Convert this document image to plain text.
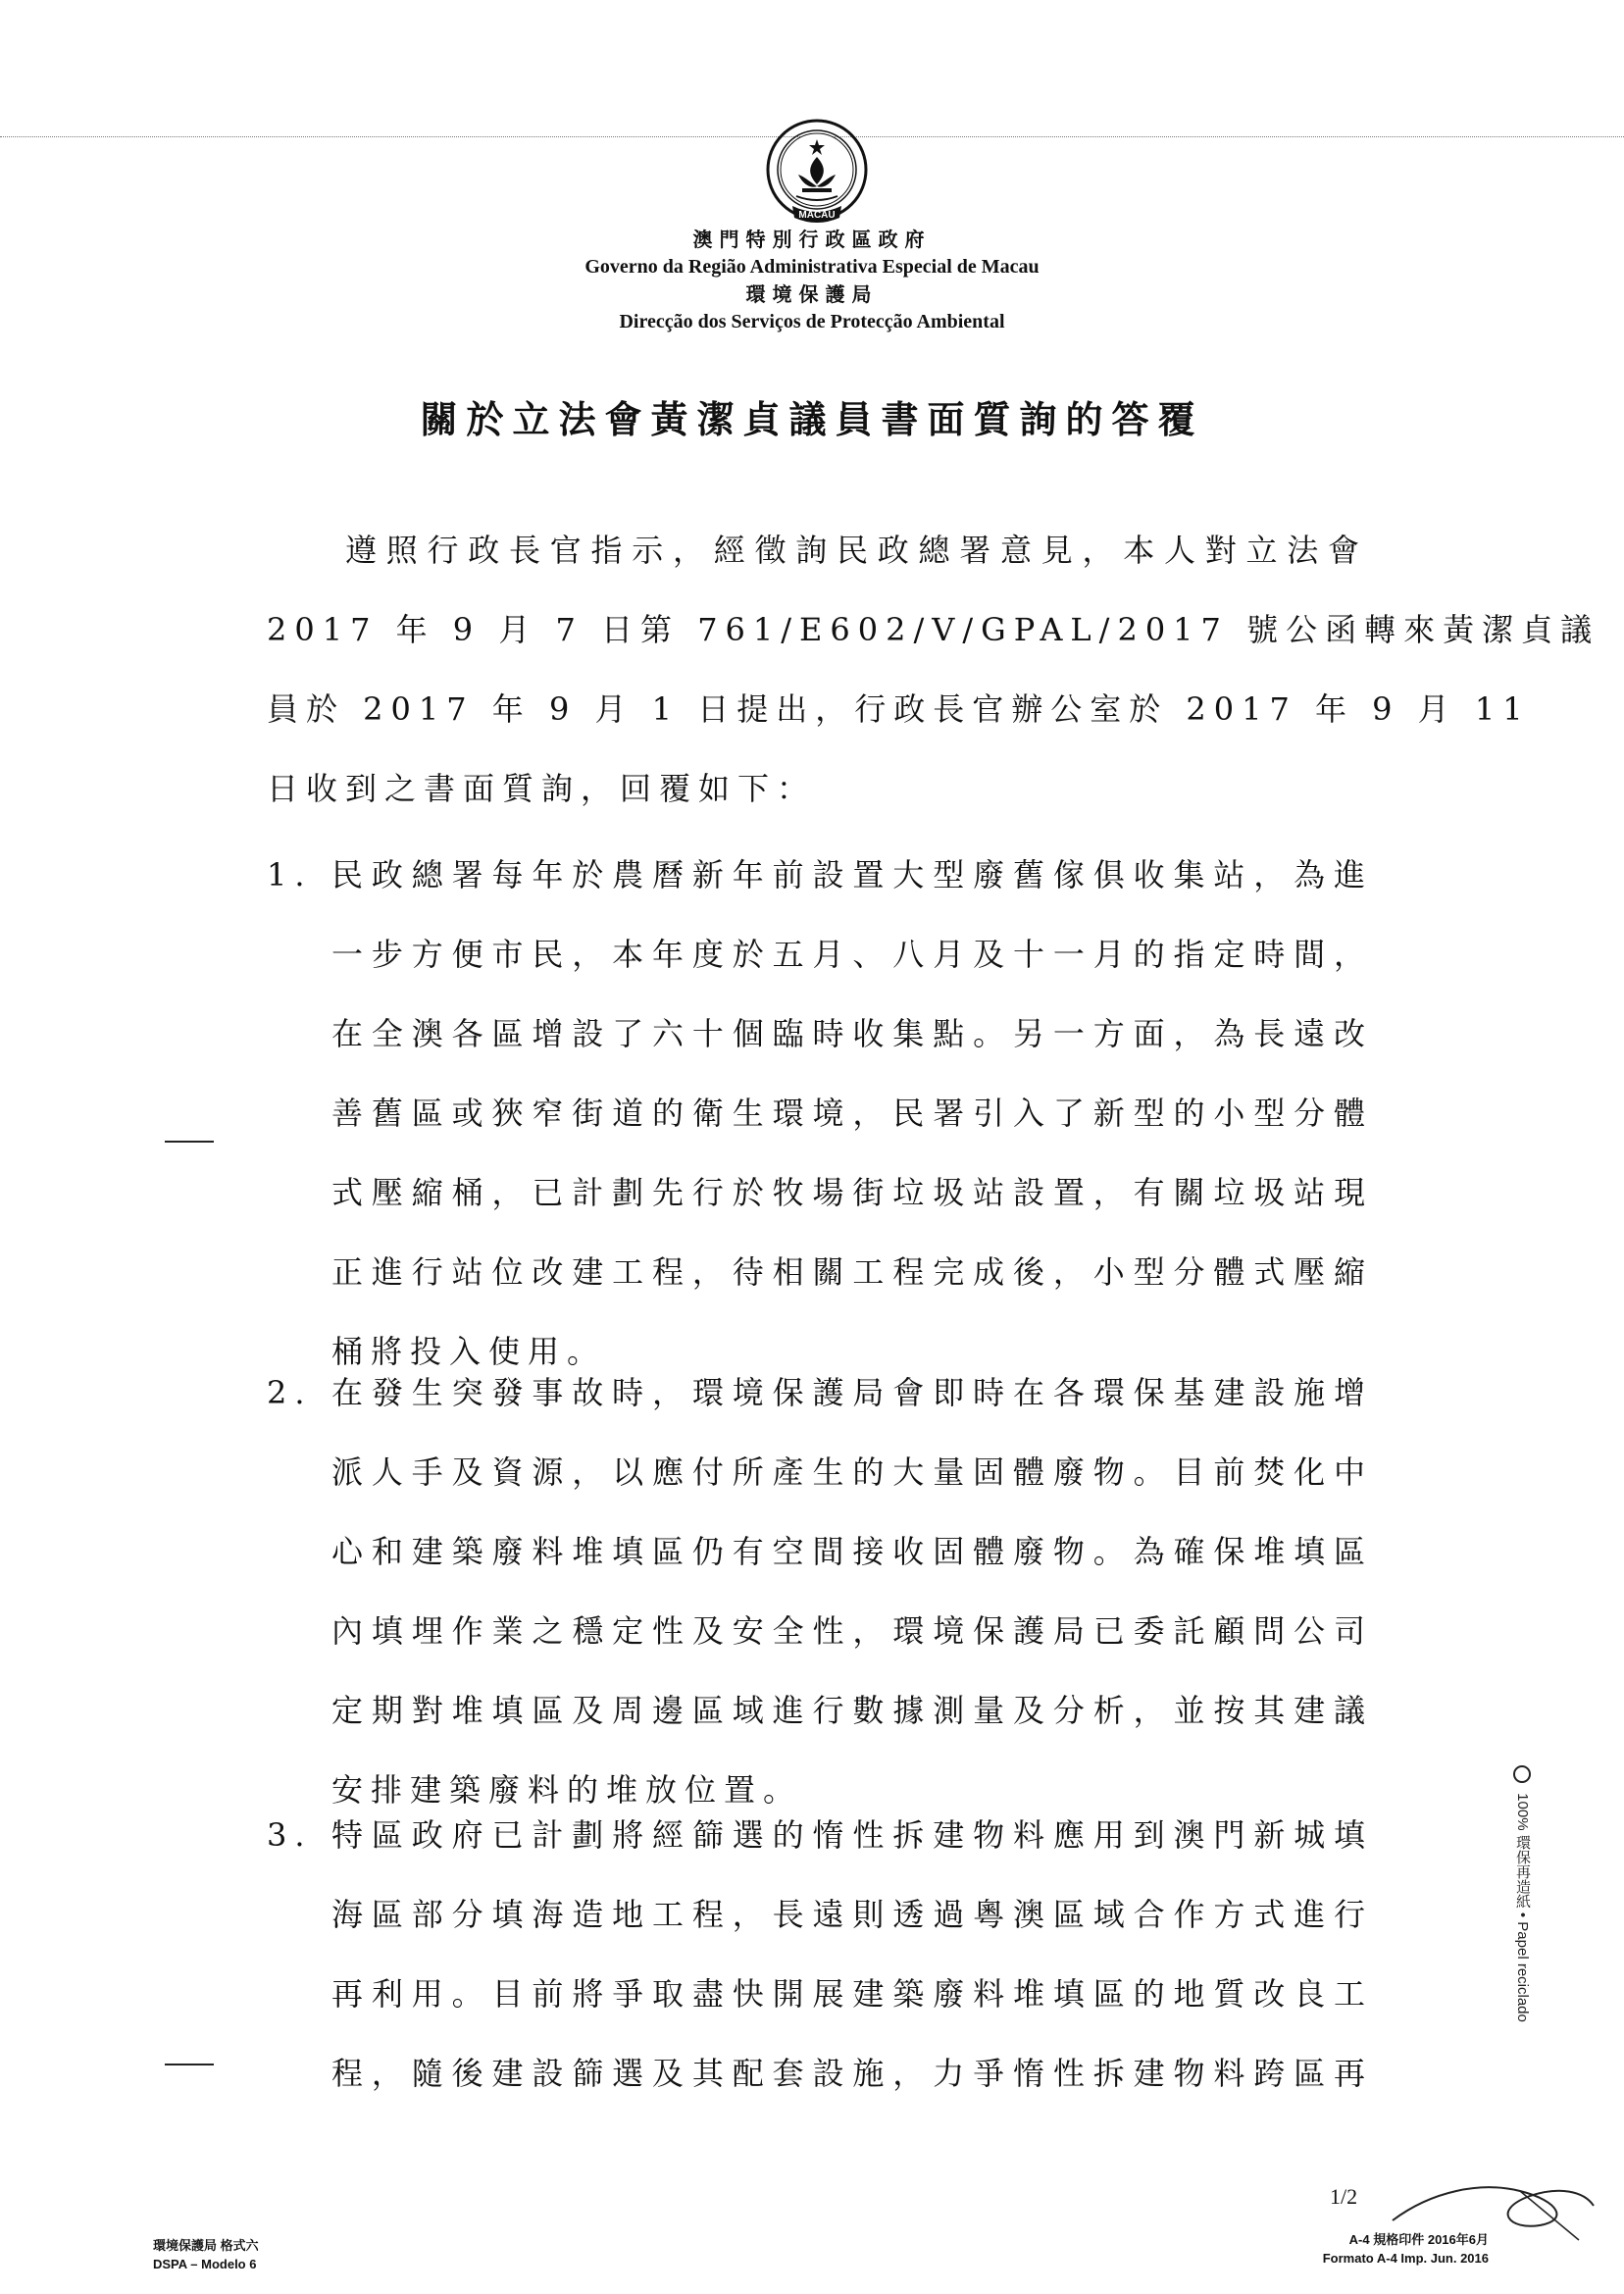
MACAU
澳門特別行政區政府
Governo da Região Administrativa Especial de Macau
環境保護局
Direcção dos Serviços de Protecção Ambiental
關於立法會黃潔貞議員書面質詢的答覆
遵照行政長官指示，經徵詢民政總署意見，本人對立法會
2017 年 9 月 7 日第 761/E602/V/GPAL/2017 號公函轉來黃潔貞議
員於 2017 年 9 月 1 日提出，行政長官辦公室於 2017 年 9 月 11
日收到之書面質詢，回覆如下：
1. 民政總署每年於農曆新年前設置大型廢舊傢俱收集站，為進
一步方便市民，本年度於五月、八月及十一月的指定時間，
在全澳各區增設了六十個臨時收集點。另一方面，為長遠改
善舊區或狹窄街道的衛生環境，民署引入了新型的小型分體
式壓縮桶，已計劃先行於牧場街垃圾站設置，有關垃圾站現
正進行站位改建工程，待相關工程完成後，小型分體式壓縮
桶將投入使用。
2. 在發生突發事故時，環境保護局會即時在各環保基建設施增
派人手及資源，以應付所產生的大量固體廢物。目前焚化中
心和建築廢料堆填區仍有空間接收固體廢物。為確保堆填區
內填埋作業之穩定性及安全性，環境保護局已委託顧問公司
定期對堆填區及周邊區域進行數據測量及分析，並按其建議
安排建築廢料的堆放位置。
3. 特區政府已計劃將經篩選的惰性拆建物料應用到澳門新城填
海區部分填海造地工程，長遠則透過粵澳區域合作方式進行
再利用。目前將爭取盡快開展建築廢料堆填區的地質改良工
程，隨後建設篩選及其配套設施，力爭惰性拆建物料跨區再
1/2
100% 環保再造紙 • Papel reciclado
環境保護局 格式六
DSPA – Modelo 6
A-4 規格印件 2016年6月
Formato A-4 Imp. Jun. 2016
